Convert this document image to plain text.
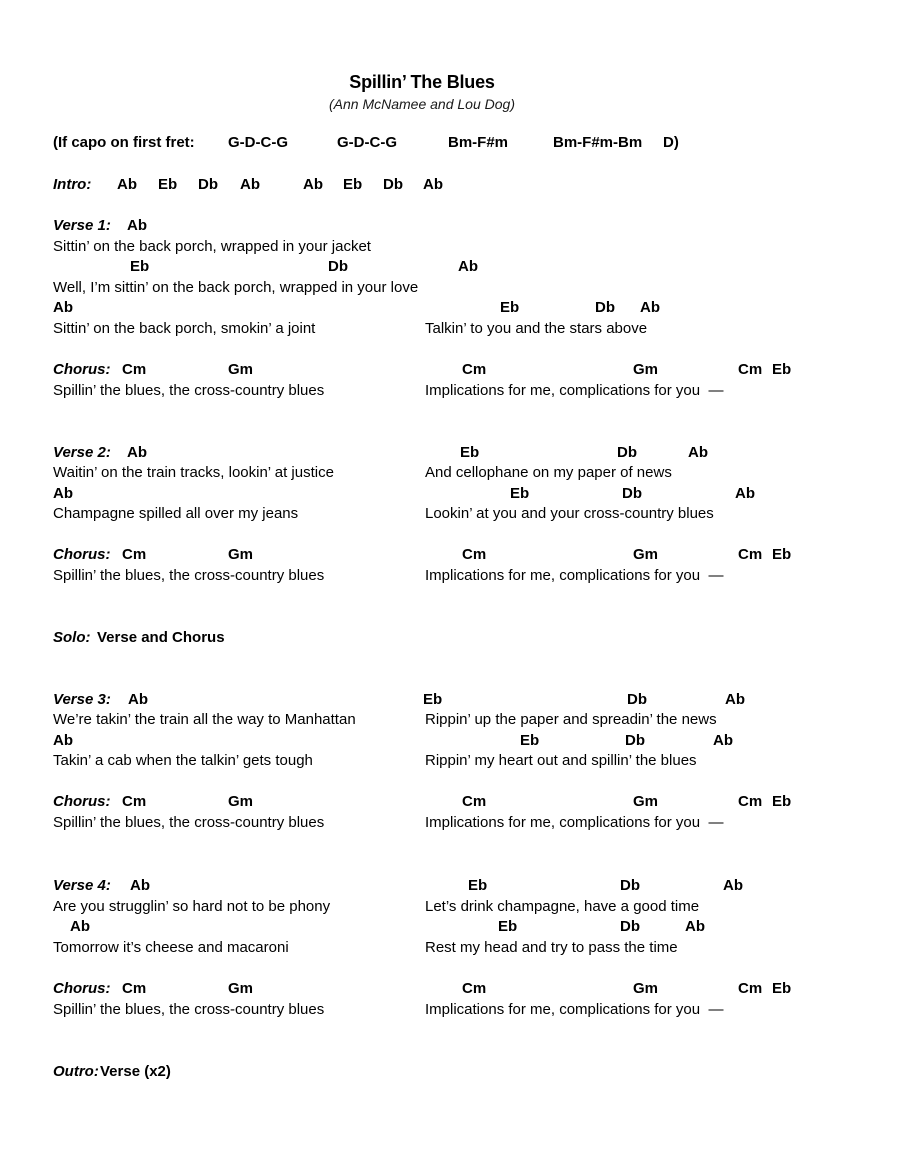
Spillin’ The Blues
(Ann McNamee and Lou Dog)
(If capo on first fret: G-D-C-G	G-D-C-G	Bm-F#m	Bm-F#m-Bm D)
Intro: Ab Eb Db Ab	Ab Eb Db Ab
Verse 1: Ab
Sittin’ on the back porch, wrapped in your jacket
Eb	Db	Ab
Well, I’m sittin’ on the back porch, wrapped in your love
Ab	Eb	Db Ab
Sittin’ on the back porch, smokin’ a joint	Talkin’ to you and the stars above
Chorus: Cm	Gm	Cm	Gm	Cm Eb
Spillin’ the blues, the cross-country blues	Implications for me, complications for you  —
Verse 2: Ab	Eb	Db	Ab
Waitin’ on the train tracks, lookin’ at justice	And cellophane on my paper of news
Ab	Eb	Db	Ab
Champagne spilled all over my jeans	Lookin’ at you and your cross-country blues
Chorus: Cm	Gm	Cm	Gm	Cm Eb
Spillin’ the blues, the cross-country blues	Implications for me, complications for you  —
Solo: Verse and Chorus
Verse 3: Ab	Eb	Db	Ab
We’re takin’ the train all the way to Manhattan	Rippin’ up the paper and spreadin’ the news
Ab	Eb	Db	Ab
Takin’ a cab when the talkin’ gets tough	Rippin’ my heart out and spillin’ the blues
Chorus: Cm	Gm	Cm	Gm	Cm Eb
Spillin’ the blues, the cross-country blues	Implications for me, complications for you  —
Verse 4: Ab	Eb	Db	Ab
Are you strugglin’ so hard not to be phony	Let’s drink champagne, have a good time
Ab	Eb	Db	Ab
Tomorrow it’s cheese and macaroni	Rest my head and try to pass the time
Chorus: Cm	Gm	Cm	Gm	Cm Eb
Spillin’ the blues, the cross-country blues	Implications for me, complications for you  —
Outro: Verse (x2)
